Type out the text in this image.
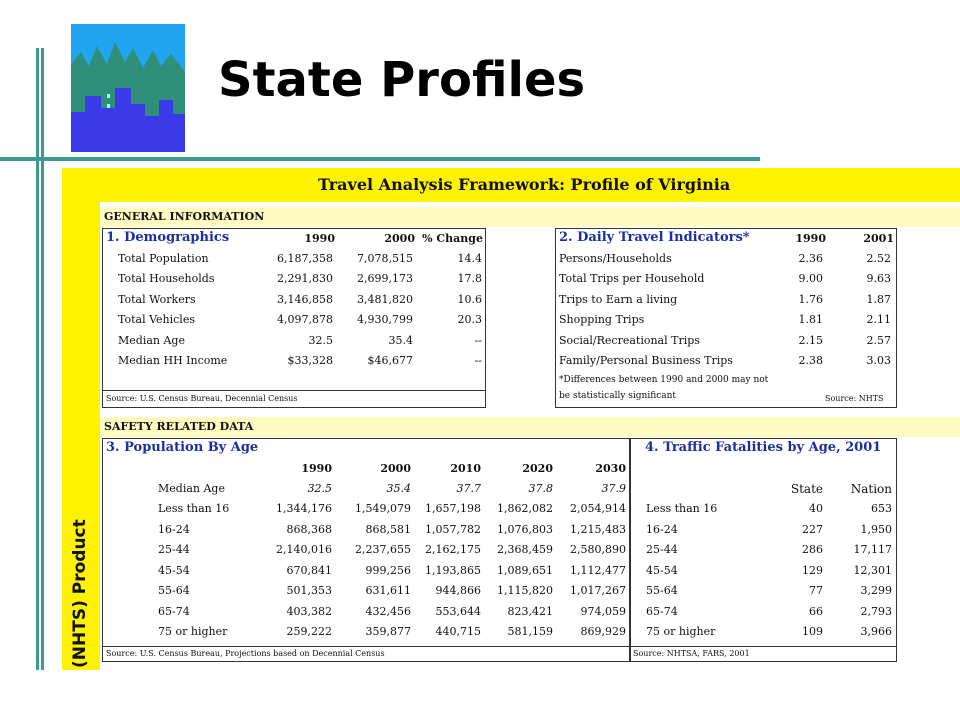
State Profiles
(NHTS) Product
Travel Analysis Framework: Profile of Virginia
GENERAL INFORMATION
SAFETY RELATED DATA
1. Demographics	1990	2000 % Change	2. Daily Travel Indicators*	1990	2001
3. Population By Age	4. Traffic Fatalities by Age, 2001
Total Population	6,187,358 7,078,515	14.4
Total Households	2,291,830 2,699,173	17.8
Total Workers	3,146,858 3,481,820	10.6
Total Vehicles	4,097,878 4,930,799	20.3
Median Age	32.5	35.4	--
Median HH Income	$33,328	$46,677	--
Persons/Households	2.36	2.52
Total Trips per Household	9.00	9.63
Trips to Earn a living	1.76	1.87
Shopping Trips	1.81	2.11
Social/Recreational Trips	2.15	2.57
Family/Personal Business Trips	2.38	3.03
1990	2000	2010	2020	2030
Median Age	32.5	35.4	37.7	37.8	37.9
Less than 16	1,344,176 1,549,079 1,657,198 1,862,082 2,054,914
16-24	868,368	868,581 1,057,782 1,076,803 1,215,483
25-44	2,140,016 2,237,655 2,162,175 2,368,459 2,580,890
45-54	670,841	999,256 1,193,865 1,089,651 1,112,477
55-64	501,353	631,611 944,866 1,115,820 1,017,267
65-74	403,382	432,456 553,644 823,421	974,059
75 or higher	259,222	359,877 440,715 581,159	869,929
State Nation
Less than 16	40	653
16-24	227	1,950
25-44	286	17,117
45-54	129	12,301
55-64	77	3,299
65-74	66	2,793
75 or higher	109	3,966
Source: U.S. Census Bureau, Decennial Census
*Differences between 1990 and 2000 may not
be statistically significant	Source: NHTS
Source: U.S. Census Bureau, Projections based on Decennial Census	Source: NHTSA, FARS, 2001
